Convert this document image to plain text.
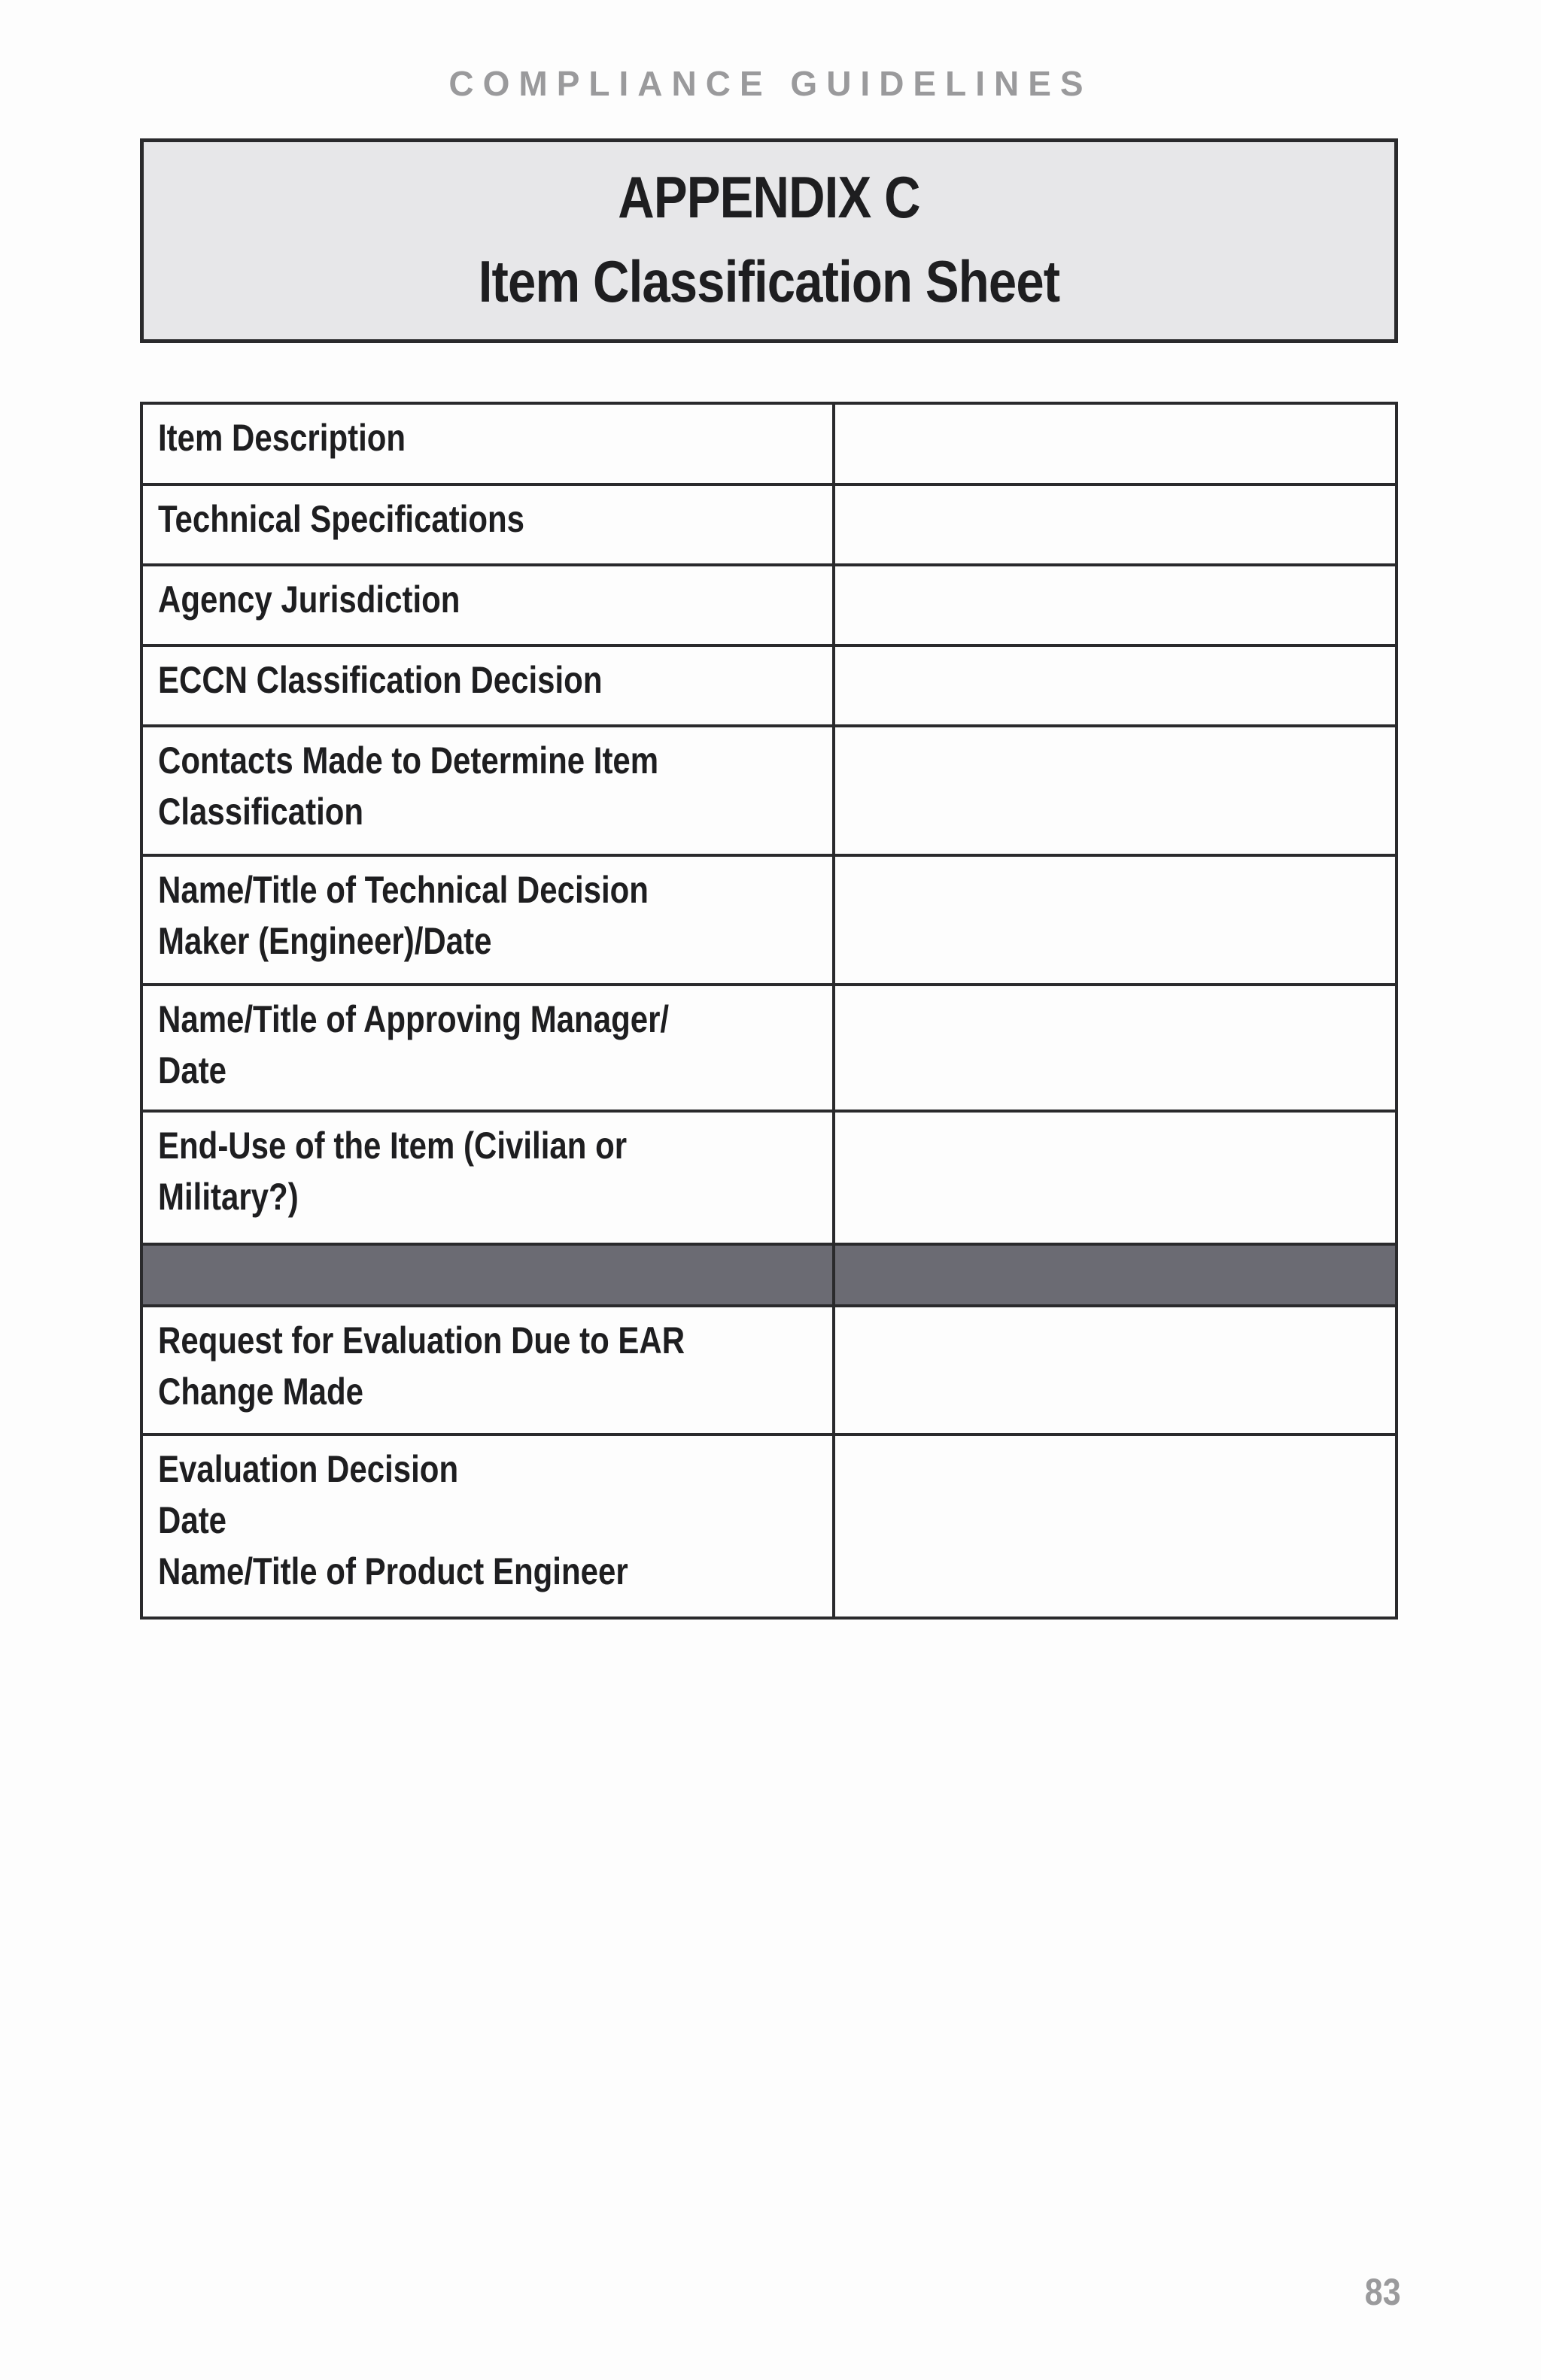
COMPLIANCE GUIDELINES
APPENDIX C
Item Classification Sheet
Item Description	

Technical Specifications	

Agency Jurisdiction	

ECCN Classification Decision	

Contacts Made to Determine Item
Classification	

Name/Title of Technical Decision
Maker (Engineer)/Date	

Name/Title of Approving Manager/
Date	

End-Use of the Item (Civilian or
Military?)	

Request for Evaluation Due to EAR
Change Made	

Evaluation Decision
Date
Name/Title of Product Engineer	

83
